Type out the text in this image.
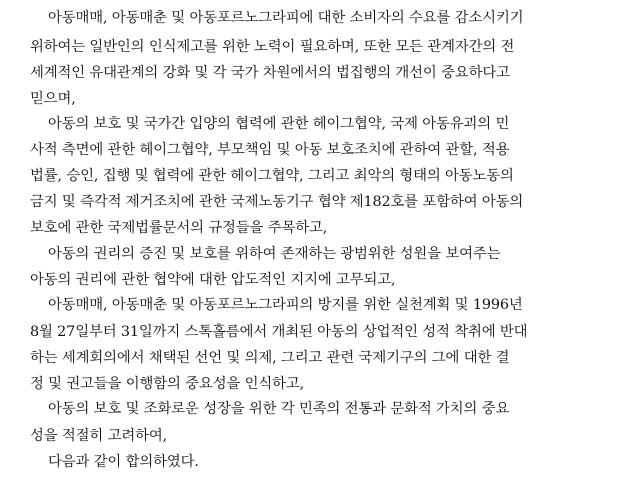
아동매매, 아동매춘 및 아동포르노그라피에 대한 소비자의 수요를 감소시키기
위하여는 일반인의 인식제고를 위한 노력이 필요하며, 또한 모든 관계자간의 전
세계적인 유대관계의 강화 및 각 국가 차원에서의 법집행의 개선이 중요하다고
믿으며,
아동의 보호 및 국가간 입양의 협력에 관한 헤이그협약, 국제 아동유괴의 민
사적 측면에 관한 헤이그협약, 부모책임 및 아동 보호조치에 관하여 관할, 적용
법률, 승인, 집행 및 협력에 관한 헤이그협약, 그리고 최악의 형태의 아동노동의
금지 및 즉각적 제거조치에 관한 국제노동기구 협약 제182호를 포함하여 아동의
보호에 관한 국제법률문서의 규정들을 주목하고,
아동의 권리의 증진 및 보호를 위하여 존재하는 광범위한 성원을 보여주는
아동의 권리에 관한 협약에 대한 압도적인 지지에 고무되고,
아동매매, 아동매춘 및 아동포르노그라피의 방지를 위한 실천계획 및 1996년
8월 27일부터 31일까지 스톡홀름에서 개최된 아동의 상업적인 성적 착취에 반대
하는 세계회의에서 채택된 선언 및 의제, 그리고 관련 국제기구의 그에 대한 결
정 및 권고들을 이행함의 중요성을 인식하고,
아동의 보호 및 조화로운 성장을 위한 각 민족의 전통과 문화적 가치의 중요
성을 적절히 고려하여,
다음과 같이 합의하였다.
